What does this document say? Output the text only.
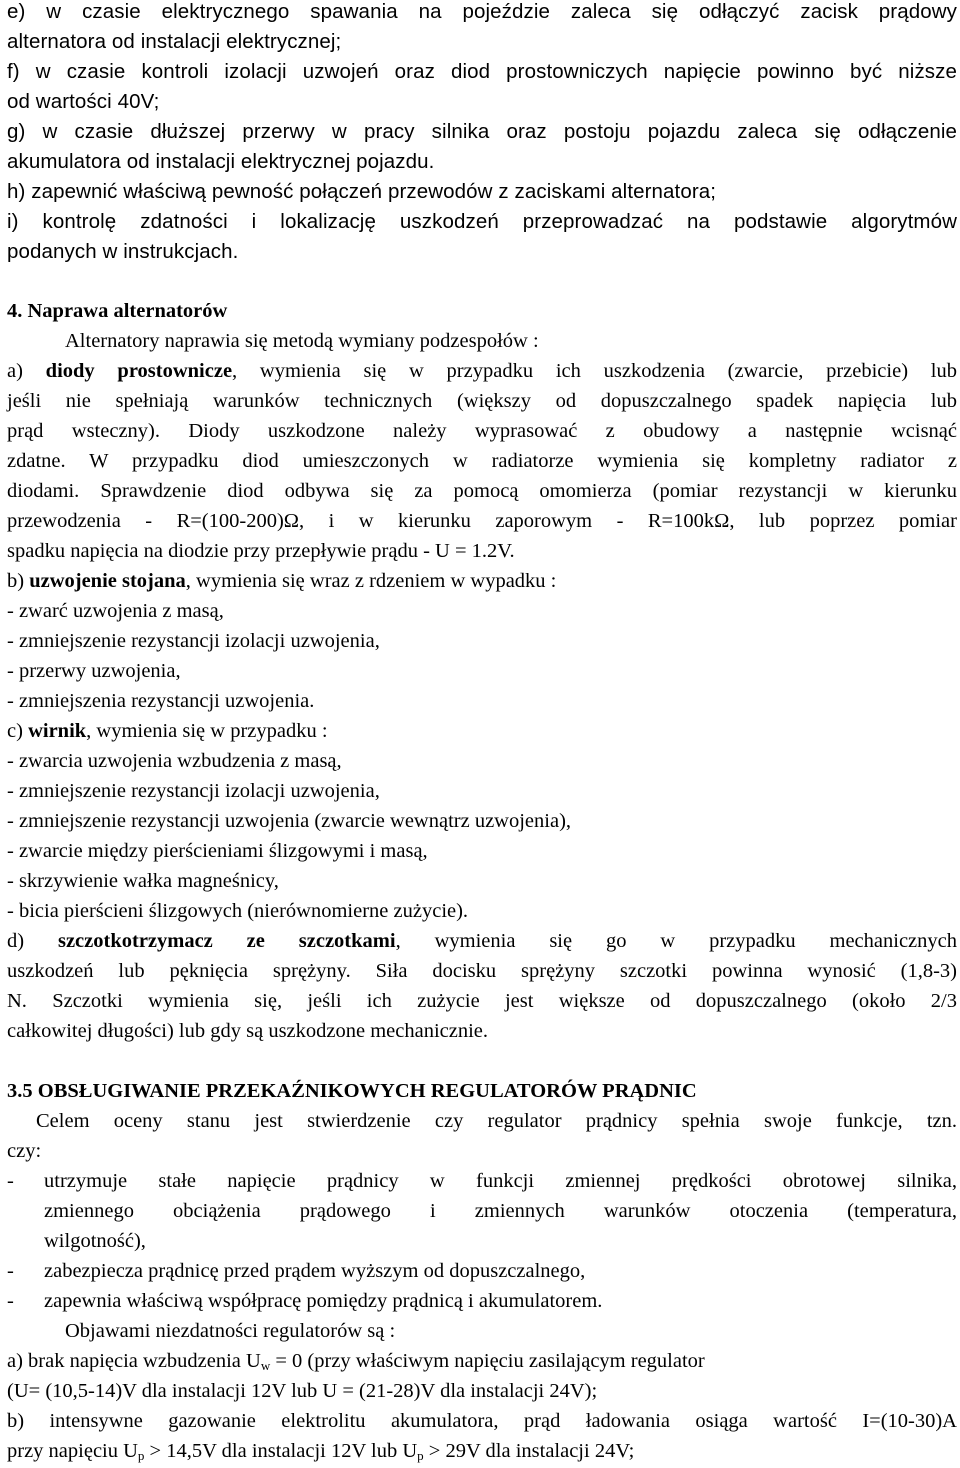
e) w czasie elektrycznego spawania na pojeździe zaleca się odłączyć zacisk prądowy
alternatora od instalacji elektrycznej;
f) w czasie kontroli izolacji uzwojeń oraz diod prostowniczych napięcie powinno być niższe
od wartości 40V;
g) w czasie dłuższej przerwy w pracy silnika oraz postoju pojazdu zaleca się odłączenie
akumulatora od instalacji elektrycznej pojazdu.
h) zapewnić właściwą pewność połączeń przewodów z zaciskami alternatora;
i) kontrolę zdatności i lokalizację uszkodzeń przeprowadzać na podstawie algorytmów
podanych w instrukcjach.
4. Naprawa alternatorów
Alternatory naprawia się metodą wymiany podzespołów :
a) diody prostownicze, wymienia się w przypadku ich uszkodzenia (zwarcie, przebicie) lub
jeśli nie spełniają warunków technicznych (większy od dopuszczalnego spadek napięcia lub
prąd wsteczny). Diody uszkodzone należy wyprasować z obudowy a następnie wcisnąć
zdatne. W przypadku diod umieszczonych w radiatorze wymienia się kompletny radiator z
diodami. Sprawdzenie diod odbywa się za pomocą omomierza (pomiar rezystancji w kierunku
przewodzenia - R=(100-200)Ω, i w kierunku zaporowym - R=100kΩ, lub poprzez pomiar
spadku napięcia na diodzie przy przepływie prądu - U = 1.2V.
b) uzwojenie stojana, wymienia się wraz z rdzeniem w wypadku :
- zwarć uzwojenia z masą,
- zmniejszenie rezystancji izolacji uzwojenia,
- przerwy uzwojenia,
- zmniejszenia rezystancji uzwojenia.
c) wirnik, wymienia się w przypadku :
- zwarcia uzwojenia wzbudzenia z masą,
- zmniejszenie rezystancji izolacji uzwojenia,
- zmniejszenie rezystancji uzwojenia (zwarcie wewnątrz uzwojenia),
- zwarcie między pierścieniami ślizgowymi i masą,
- skrzywienie wałka magneśnicy,
- bicia pierścieni ślizgowych (nierównomierne zużycie).
d) szczotkotrzymacz ze szczotkami, wymienia się go w przypadku mechanicznych
uszkodzeń lub pęknięcia sprężyny. Siła docisku sprężyny szczotki powinna wynosić (1,8-3)
N. Szczotki wymienia się, jeśli ich zużycie jest większe od dopuszczalnego (około 2/3
całkowitej długości) lub gdy są uszkodzone mechanicznie.
3.5 OBSŁUGIWANIE PRZEKAŹNIKOWYCH REGULATORÓW PRĄDNIC
Celem oceny stanu jest stwierdzenie czy regulator prądnicy spełnia swoje funkcje, tzn.
czy:
- utrzymuje stałe napięcie prądnicy w funkcji zmiennej prędkości obrotowej silnika,
zmiennego obciążenia prądowego i zmiennych warunków otoczenia (temperatura,
wilgotność),
- zabezpiecza prądnicę przed prądem wyższym od dopuszczalnego,
- zapewnia właściwą współpracę pomiędzy prądnicą i akumulatorem.
Objawami niezdatności regulatorów są :
a) brak napięcia wzbudzenia $U_w = 0$ (przy właściwym napięciu zasilającym regulator
(U= (10,5-14)V dla instalacji 12V lub U = (21-28)V dla instalacji 24V);
b) intensywne gazowanie elektrolitu akumulatora, prąd ładowania osiąga wartość I=(10-30)A
przy napięciu $U_p > 14,5V$ dla instalacji 12V lub $U_p > 29V$ dla instalacji 24V;
